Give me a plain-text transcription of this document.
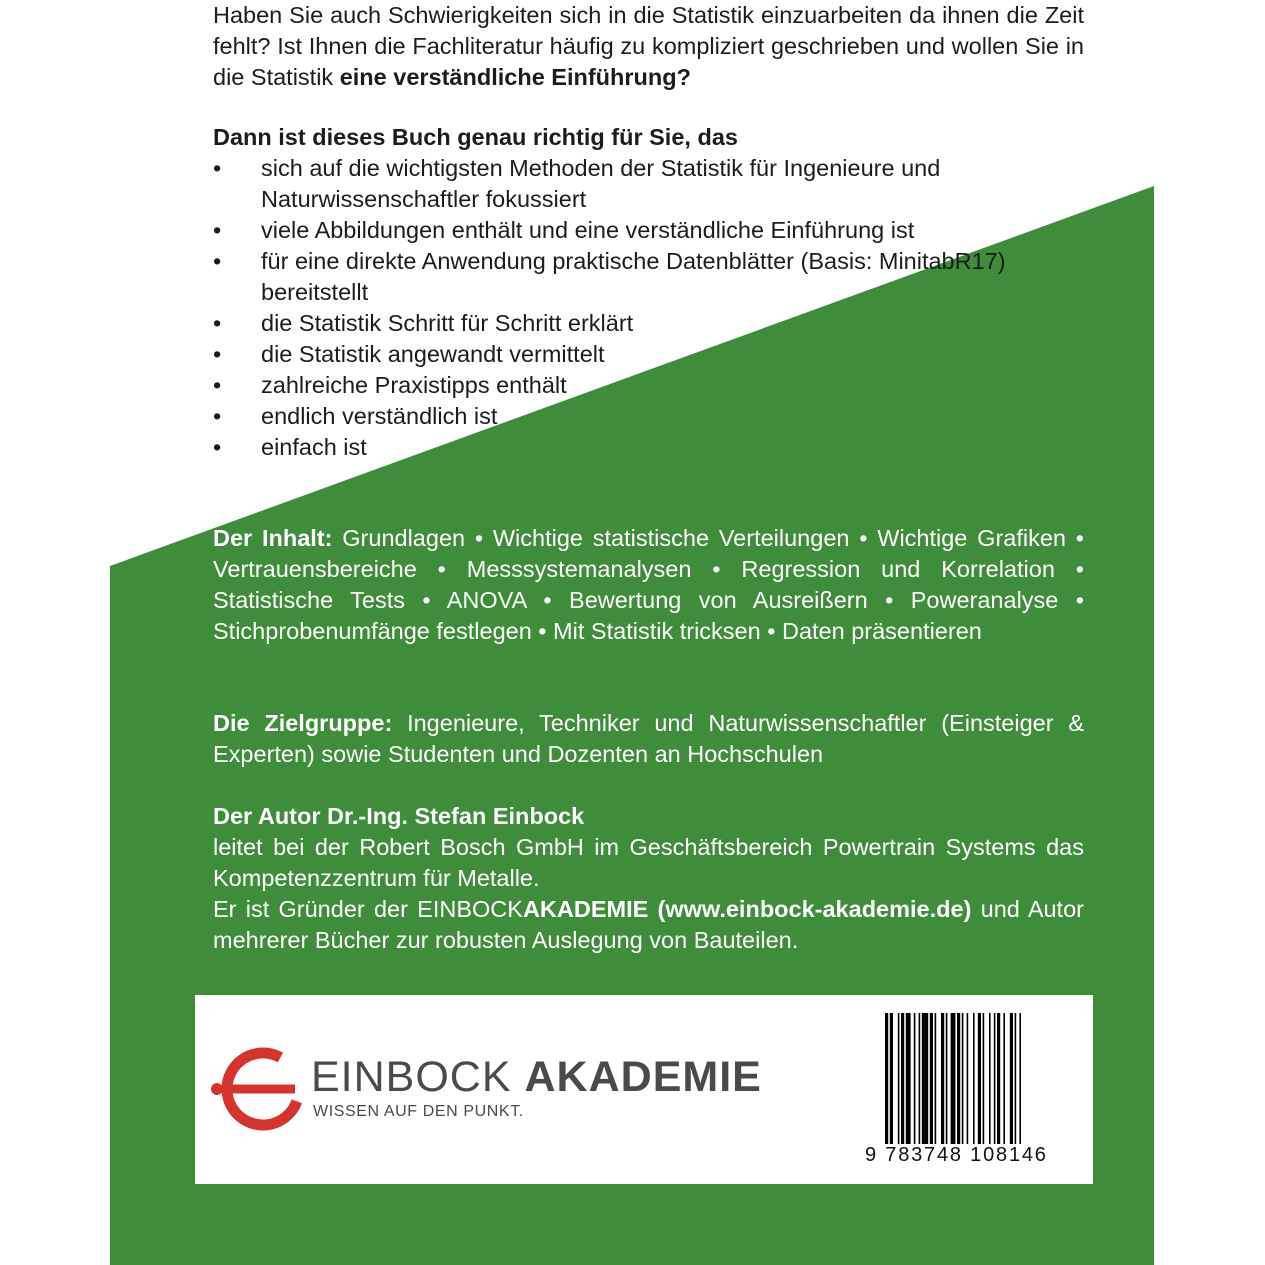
Haben Sie auch Schwierigkeiten sich in die Statistik einzuarbeiten da ihnen die Zeit fehlt? Ist Ihnen die Fachliteratur häufig zu kompliziert geschrieben und wollen Sie in die Statistik eine verständliche Einführung?

Dann ist dieses Buch genau richtig für Sie, das

• sich auf die wichtigsten Methoden der Statistik für Ingenieure und Naturwissenschaftler fokussiert
• viele Abbildungen enthält und eine verständliche Einführung ist
• für eine direkte Anwendung praktische Datenblätter (Basis: MinitabR17) bereitstellt
• die Statistik Schritt für Schritt erklärt
• die Statistik angewandt vermittelt
• zahlreiche Praxistipps enthält
• endlich verständlich ist
• einfach ist

Der Inhalt: Grundlagen • Wichtige statistische Verteilungen • Wichtige Grafiken • Vertrauensbereiche • Messsystemanalysen • Regression und Korrelation • Statistische Tests • ANOVA • Bewertung von Ausreißern • Poweranalyse • Stichprobenumfänge festlegen • Mit Statistik tricksen • Daten präsentieren

Die Zielgruppe: Ingenieure, Techniker und Naturwissenschaftler (Einsteiger & Experten) sowie Studenten und Dozenten an Hochschulen

Der Autor Dr.-Ing. Stefan Einbock
leitet bei der Robert Bosch GmbH im Geschäftsbereich Powertrain Systems das Kompetenzzentrum für Metalle.
Er ist Gründer der EINBOCKAKADEMIE (www.einbock-akademie.de) und Autor mehrerer Bücher zur robusten Auslegung von Bauteilen.
EINBOCK AKADEMIE
WISSEN AUF DEN PUNKT.
9 783748 108146
